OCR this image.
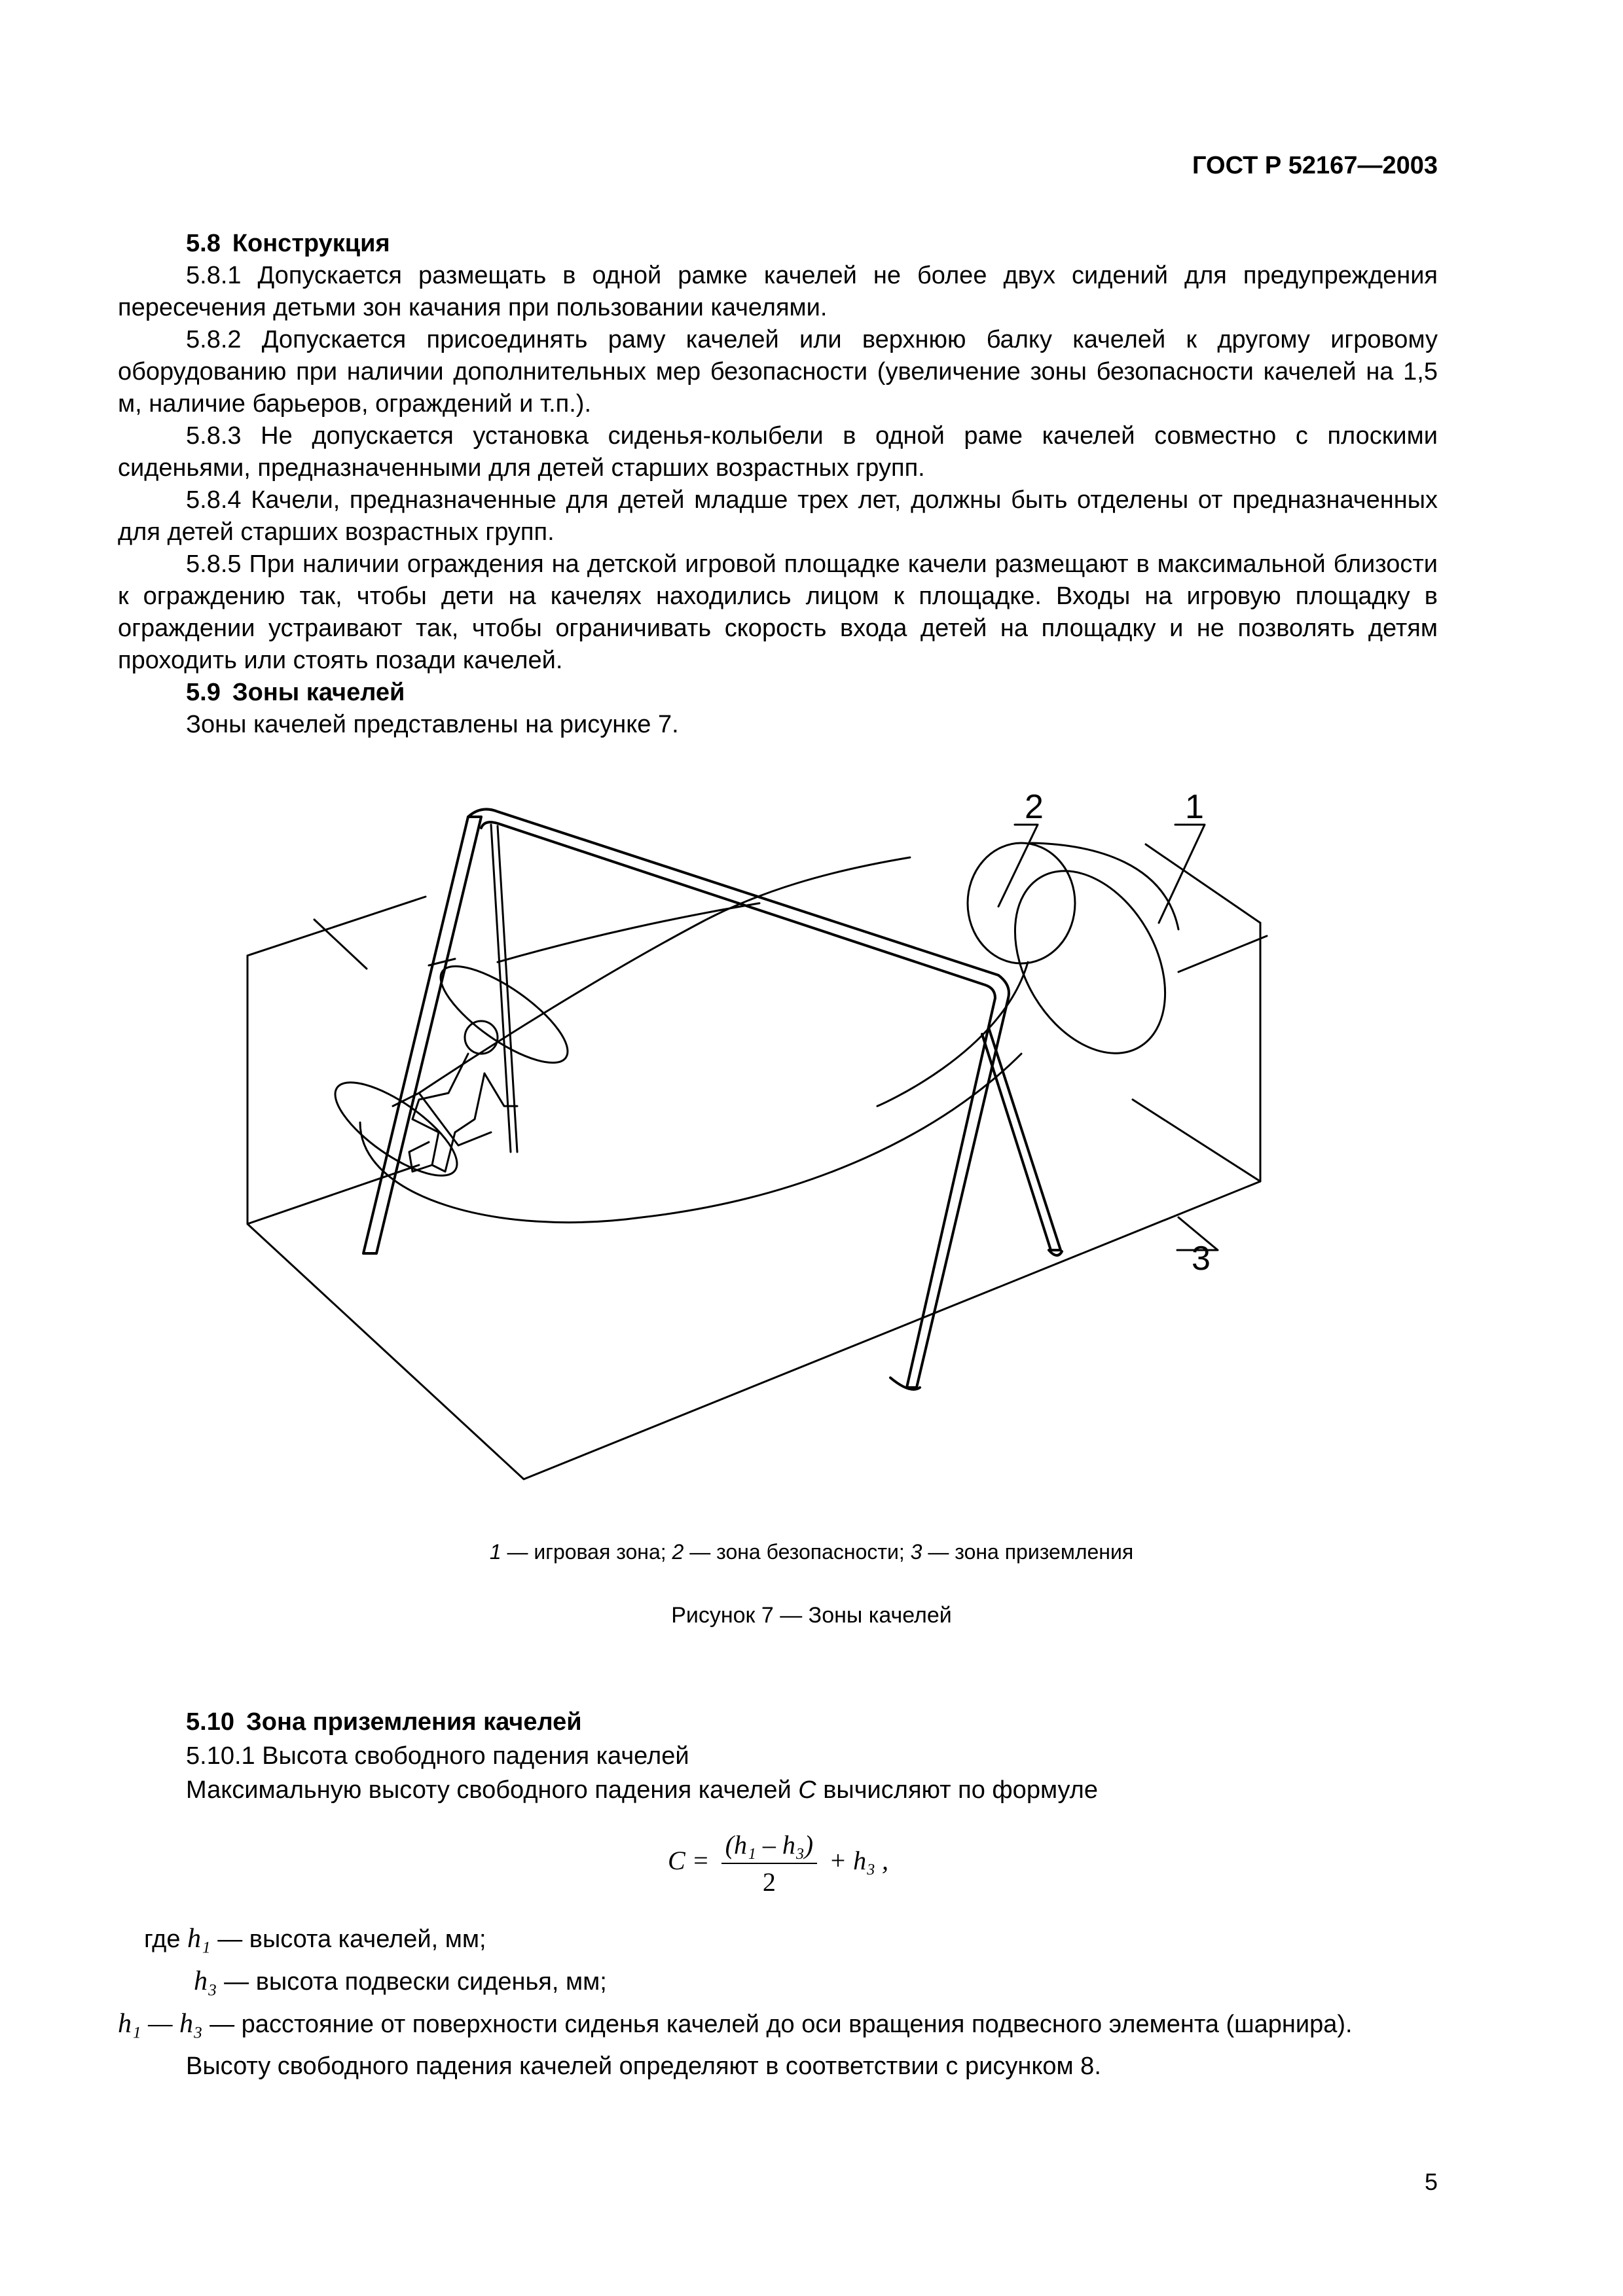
ГОСТ Р 52167—2003

5.8 Конструкция

5.8.1 Допускается размещать в одной рамке качелей не более двух сидений для предупреждения пересечения детьми зон качания при пользовании качелями.

5.8.2 Допускается присоединять раму качелей или верхнюю балку качелей к другому игровому оборудованию при наличии дополнительных мер безопасности (увеличение зоны безопасности качелей на 1,5 м, наличие барьеров, ограждений и т.п.).

5.8.3 Не допускается установка сиденья-колыбели в одной раме качелей совместно с плоскими сиденьями, предназначенными для детей старших возрастных групп.

5.8.4 Качели, предназначенные для детей младше трех лет, должны быть отделены от предназначенных для детей старших возрастных групп.

5.8.5 При наличии ограждения на детской игровой площадке качели размещают в максимальной близости к ограждению так, чтобы дети на качелях находились лицом к площадке. Входы на игровую площадку в ограждении устраивают так, чтобы ограничивать скорость входа детей на площадку и не позволять детям проходить или стоять позади качелей.

5.9 Зоны качелей

Зоны качелей представлены на рисунке 7.

2	1
3
1 — игровая зона; 2 — зона безопасности; 3 — зона приземления
Рисунок 7 — Зоны качелей

5.10 Зона приземления качелей

5.10.1 Высота свободного падения качелей

Максимальную высоту свободного падения качелей C вычисляют по формуле

$C = \frac{\text{(h₁ – h₃)}}{2} + h_3$ ,
где h₁ — высота качелей, мм;
h₃ — высота подвески сиденья, мм;
h₁ — h₃ — расстояние от поверхности сиденья качелей до оси вращения подвесного элемента (шарнира).
Высоту свободного падения качелей определяют в соответствии с рисунком 8.
5
